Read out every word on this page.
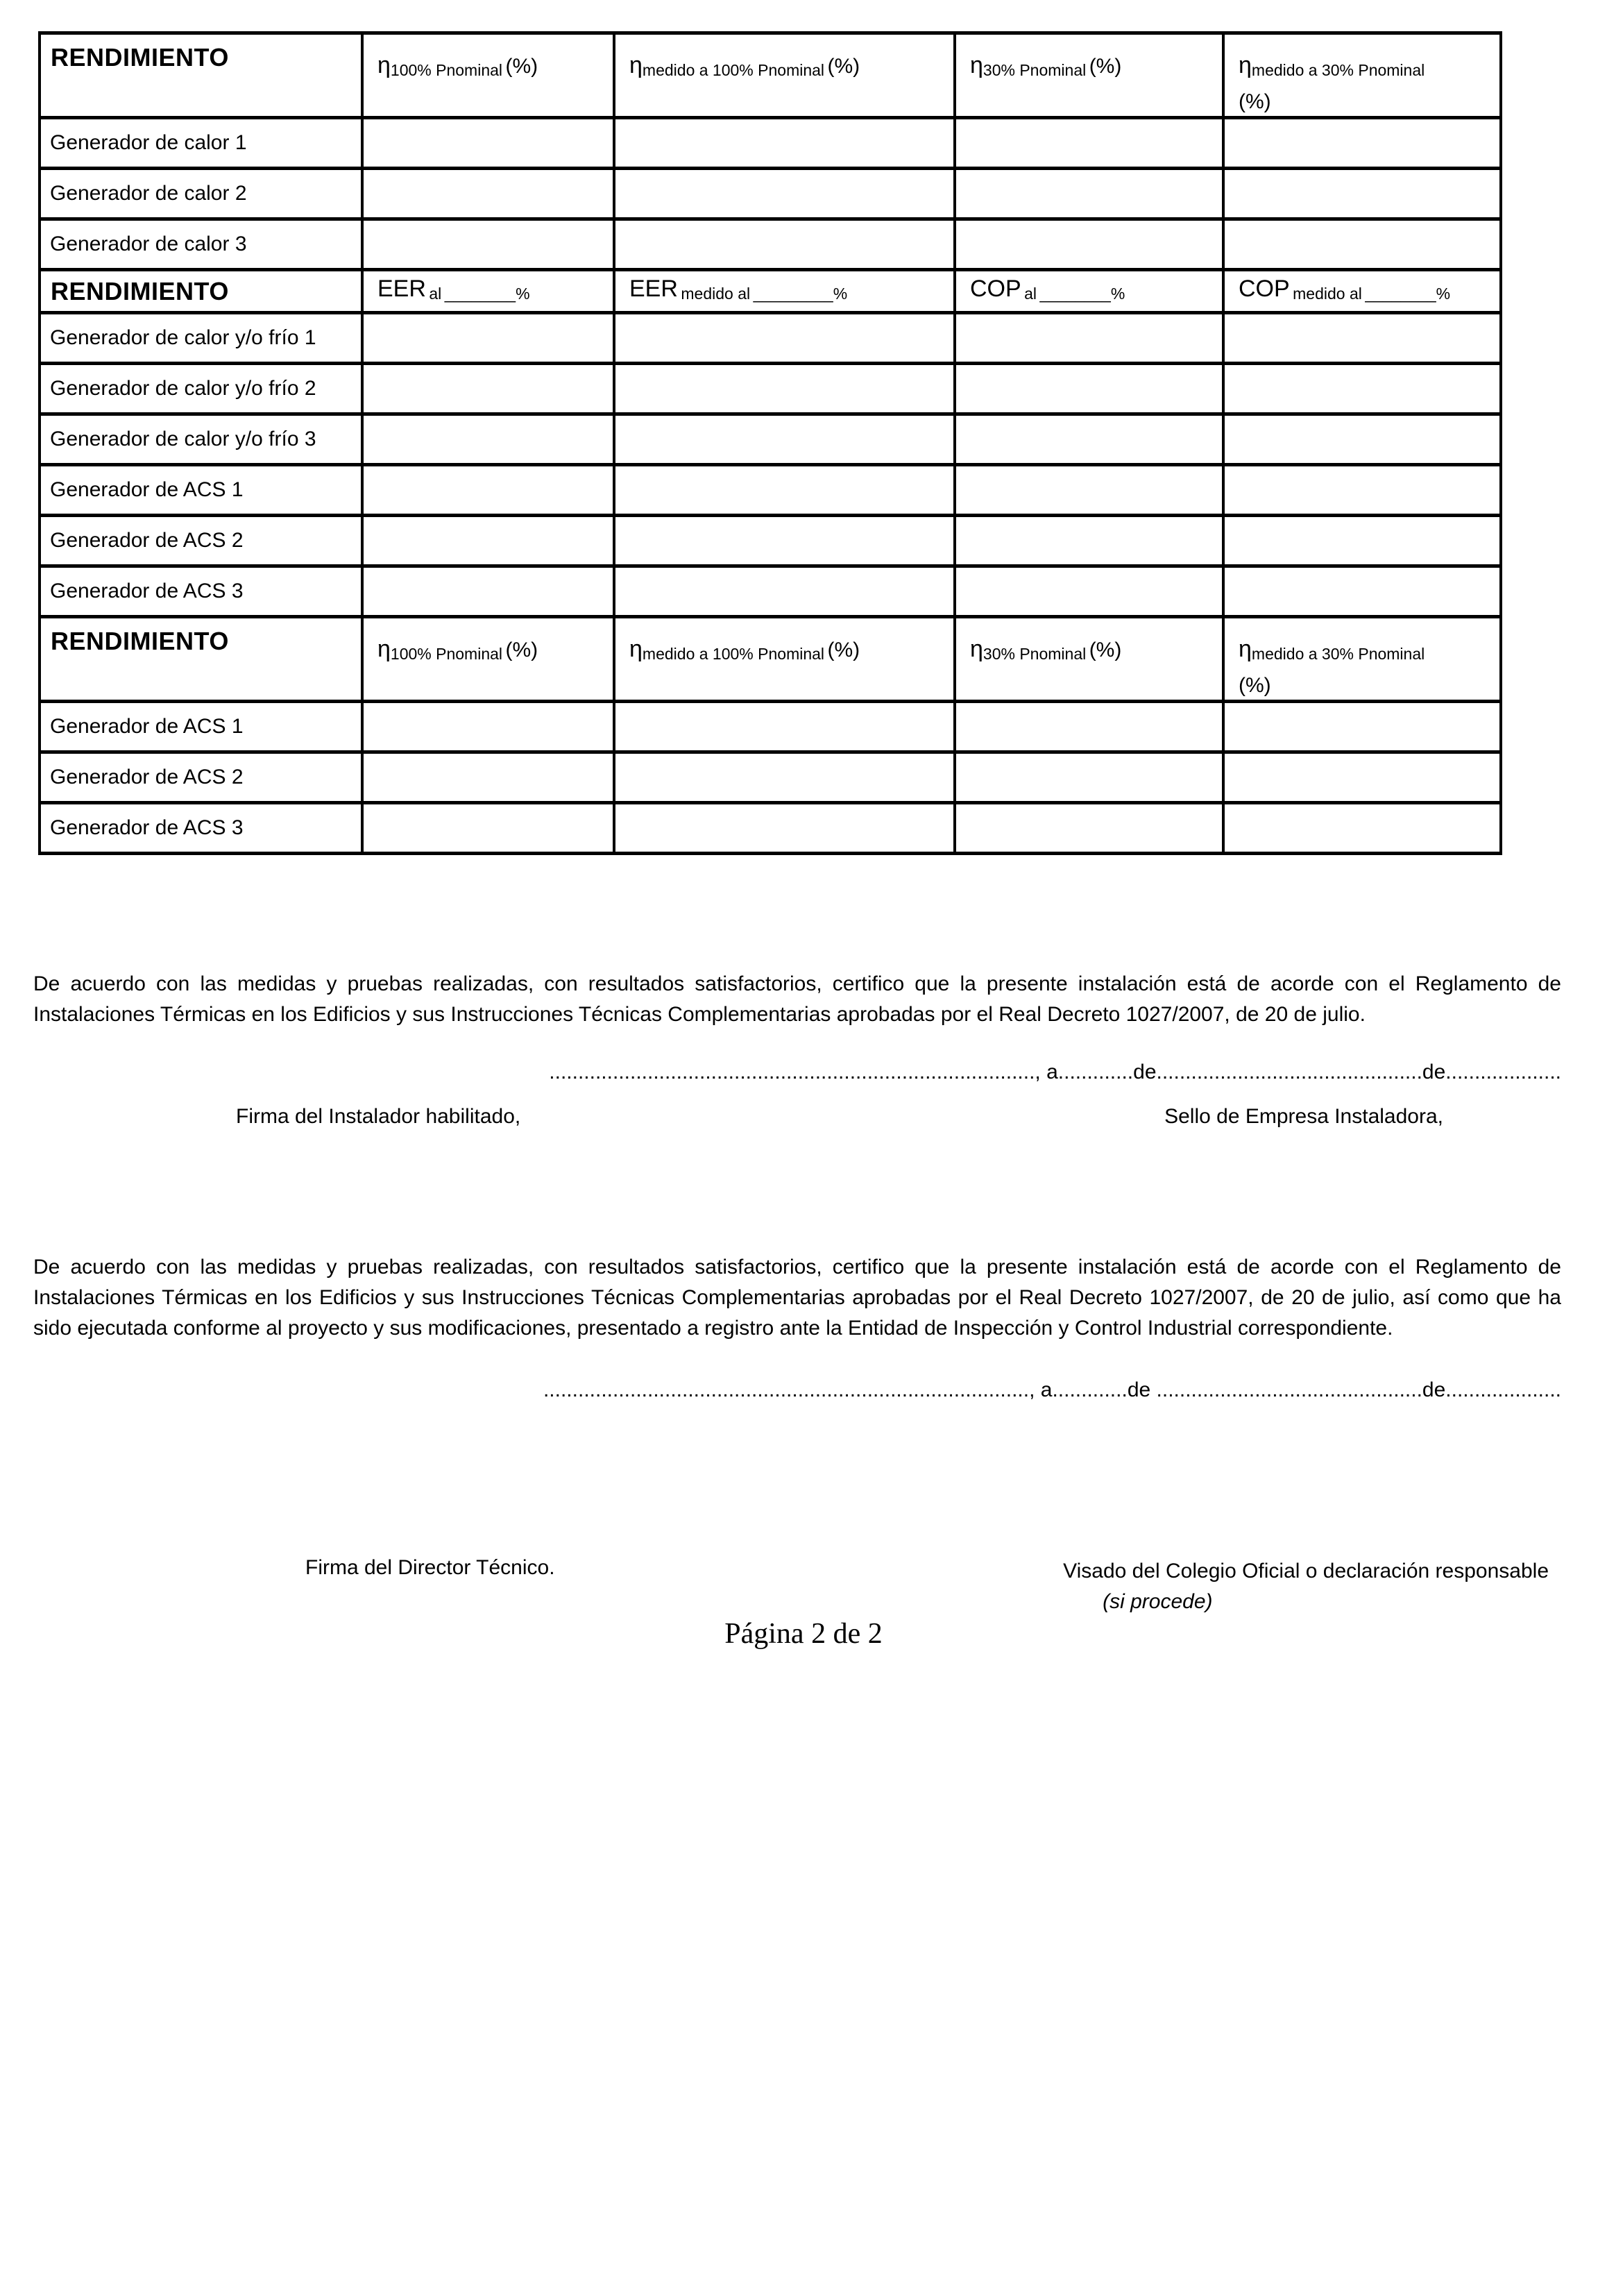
RENDIMIENTO	η100% Pnominal (%)	ηmedido a 100% Pnominal (%)	η30% Pnominal (%)	ηmedido a 30% Pnominal
(%)

Generador de calor 1				
Generador de calor 2				
Generador de calor 3				
RENDIMIENTO	EER al ________%	EER medido al _________%	COP al ________%	COP medido al ________%
Generador de calor y/o frío 1				
Generador de calor y/o frío 2				
Generador de calor y/o frío 3				
Generador de ACS 1				
Generador de ACS 2				
Generador de ACS 3				
RENDIMIENTO	η100% Pnominal (%)	ηmedido a 100% Pnominal (%)	η30% Pnominal (%)	ηmedido a 30% Pnominal
(%)

Generador de ACS 1				
Generador de ACS 2				
Generador de ACS 3				

De acuerdo con las medidas y pruebas realizadas, con resultados satisfactorios, certifico que la presente instalación está de acorde con el Reglamento de Instalaciones Térmicas en los Edificios y sus Instrucciones Técnicas Complementarias aprobadas por el Real Decreto 1027/2007, de 20 de julio.

...................................................................................., a.............de..............................................de....................
Firma del Instalador habilitado,	Sello de Empresa Instaladora,

De acuerdo con las medidas y pruebas realizadas, con resultados satisfactorios, certifico que la presente instalación está de acorde con el Reglamento de Instalaciones Térmicas en los Edificios y sus Instrucciones Técnicas Complementarias aprobadas por el Real Decreto 1027/2007, de 20 de julio, así como que ha sido ejecutada conforme al proyecto y sus modificaciones, presentado a registro ante la Entidad de Inspección y Control Industrial correspondiente.

...................................................................................., a.............de ..............................................de....................
Firma del Director Técnico.	Visado del Colegio Oficial o declaración responsable
(si procede)
Página 2 de 2
